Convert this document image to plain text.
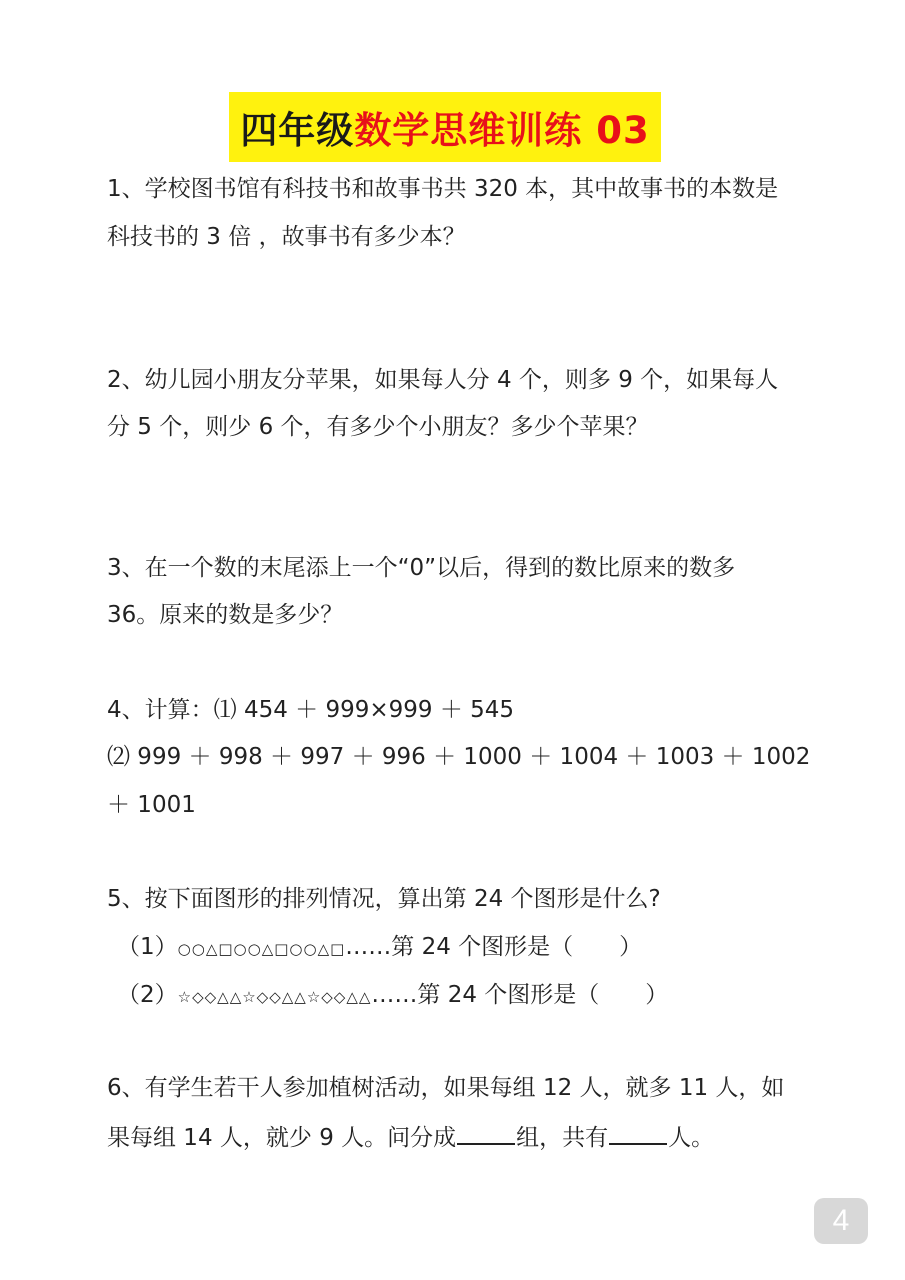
四年级 数学思维训练 03
1、学校图书馆有科技书和故事书共 320 本，其中故事书的本数是
科技书的 3 倍 ，故事书有多少本？
2、幼儿园小朋友分苹果，如果每人分 4 个，则多 9 个，如果每人
分 5 个，则少 6 个，有多少个小朋友？多少个苹果？
3、在一个数的末尾添上一个“0”以后，得到的数比原来的数多
36。原来的数是多少？
4、计算：⑴ 454 ＋ 999×999 ＋ 545
⑵ 999 ＋ 998 ＋ 997 ＋ 996 ＋ 1000 ＋ 1004 ＋ 1003 ＋ 1002
＋ 1001
5、按下面图形的排列情况，算出第 24 个图形是什么?
（1）○○△□○○△□○○△□……第 24 个图形是（　　）
（2）☆◇◇△△☆◇◇△△☆◇◇△△……第 24 个图形是（　　）
6、有学生若干人参加植树活动，如果每组 12 人，就多 11 人，如
果每组 14 人，就少 9 人。问分成	组，共有	人。
4
